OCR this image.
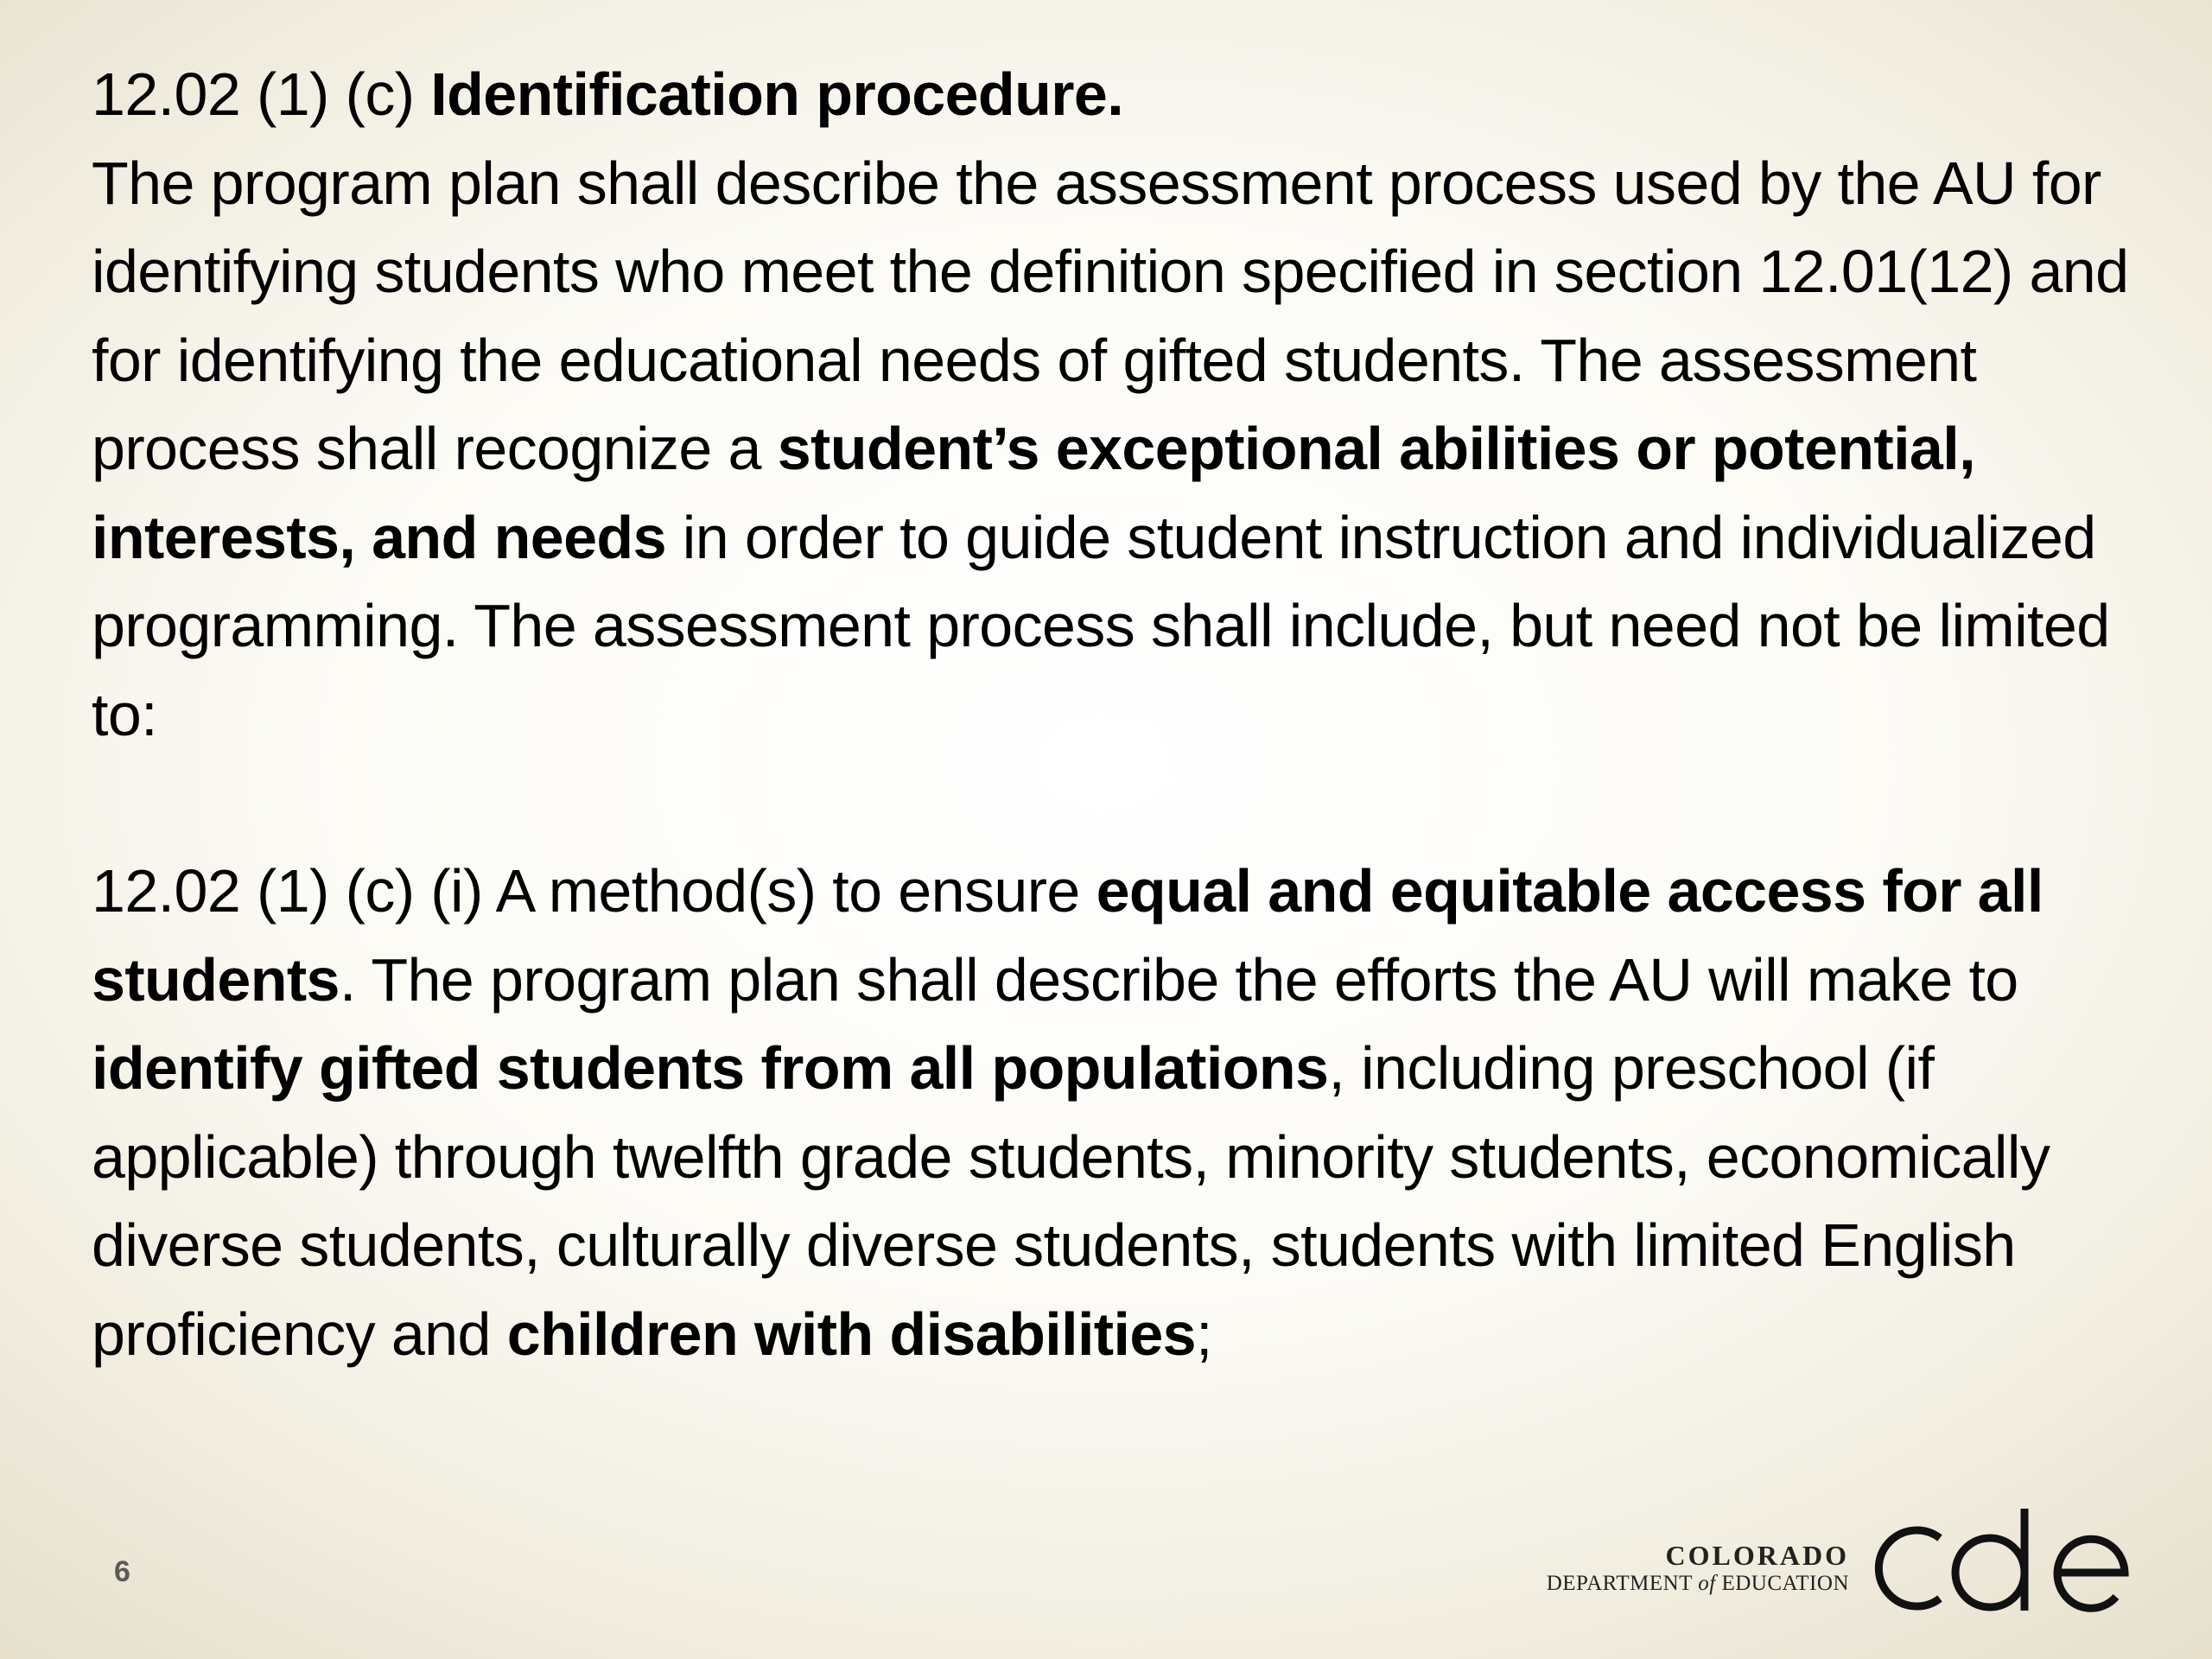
12.02 (1) (c) Identification procedure.
The program plan shall describe the assessment process used by the AU for identifying students who meet the definition specified in section 12.01(12) and for identifying the educational needs of gifted students. The assessment process shall recognize a student’s exceptional abilities or potential, interests, and needs in order to guide student instruction and individualized programming. The assessment process shall include, but need not be limited to:

12.02 (1) (c) (i) A method(s) to ensure equal and equitable access for all students. The program plan shall describe the efforts the AU will make to identify gifted students from all populations, including preschool (if applicable) through twelfth grade students, minority students, economically diverse students, culturally diverse students, students with limited English proficiency and children with disabilities;

6	COLORADO
DEPARTMENT of EDUCATION
